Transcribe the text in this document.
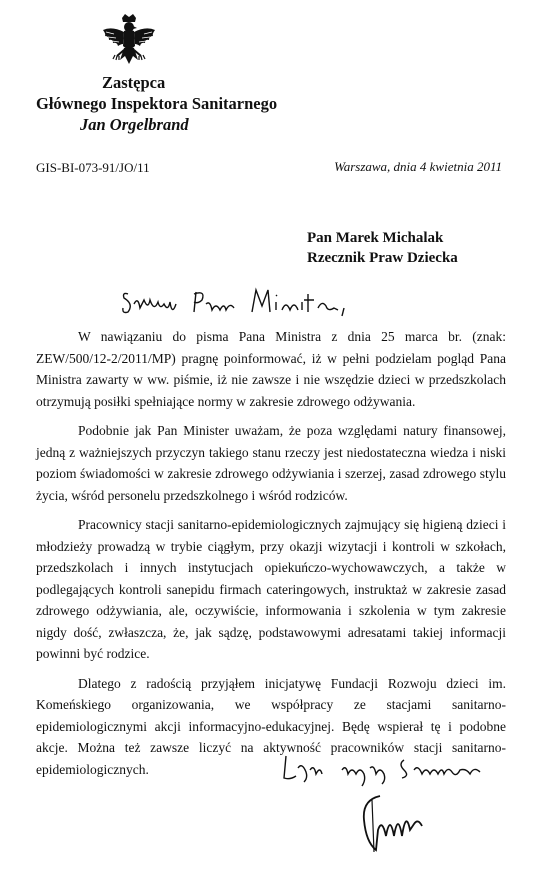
Zastępca
Głównego Inspektora Sanitarnego
Jan Orgelbrand
GIS-BI-073-91/JO/11	Warszawa, dnia 4 kwietnia 2011
Pan Marek Michalak
Rzecznik Praw Dziecka

W nawiązaniu do pisma Pana Ministra z dnia 25 marca br. (znak: ZEW/500/12-2/2011/MP) pragnę poinformować, iż w pełni podzielam pogląd Pana Ministra zawarty w ww. piśmie, iż nie zawsze i nie wszędzie dzieci w przedszkolach otrzymują posiłki spełniające normy w zakresie zdrowego odżywania.

Podobnie jak Pan Minister uważam, że poza względami natury finansowej, jedną z ważniejszych przyczyn takiego stanu rzeczy jest niedostateczna wiedza i niski poziom świadomości w zakresie zdrowego odżywiania i szerzej, zasad zdrowego stylu życia, wśród personelu przedszkolnego i wśród rodziców.

Pracownicy stacji sanitarno-epidemiologicznych zajmujący się higieną dzieci i młodzieży prowadzą w trybie ciągłym, przy okazji wizytacji i kontroli w szkołach, przedszkolach i innych instytucjach opiekuńczo-wychowawczych, a także w podlegających kontroli sanepidu firmach cateringowych, instruktaż w zakresie zasad zdrowego odżywiania, ale, oczywiście, informowania i szkolenia w tym zakresie nigdy dość, zwłaszcza, że, jak sądzę, podstawowymi adresatami takiej informacji powinni być rodzice.

Dlatego z radością przyjąłem inicjatywę Fundacji Rozwoju dzieci im. Komeńskiego organizowania, we współpracy ze stacjami sanitarno-epidemiologicznymi akcji informacyjno-edukacyjnej. Będę wspierał tę i podobne akcje. Można też zawsze liczyć na aktywność pracowników stacji sanitarno-epidemiologicznych.
